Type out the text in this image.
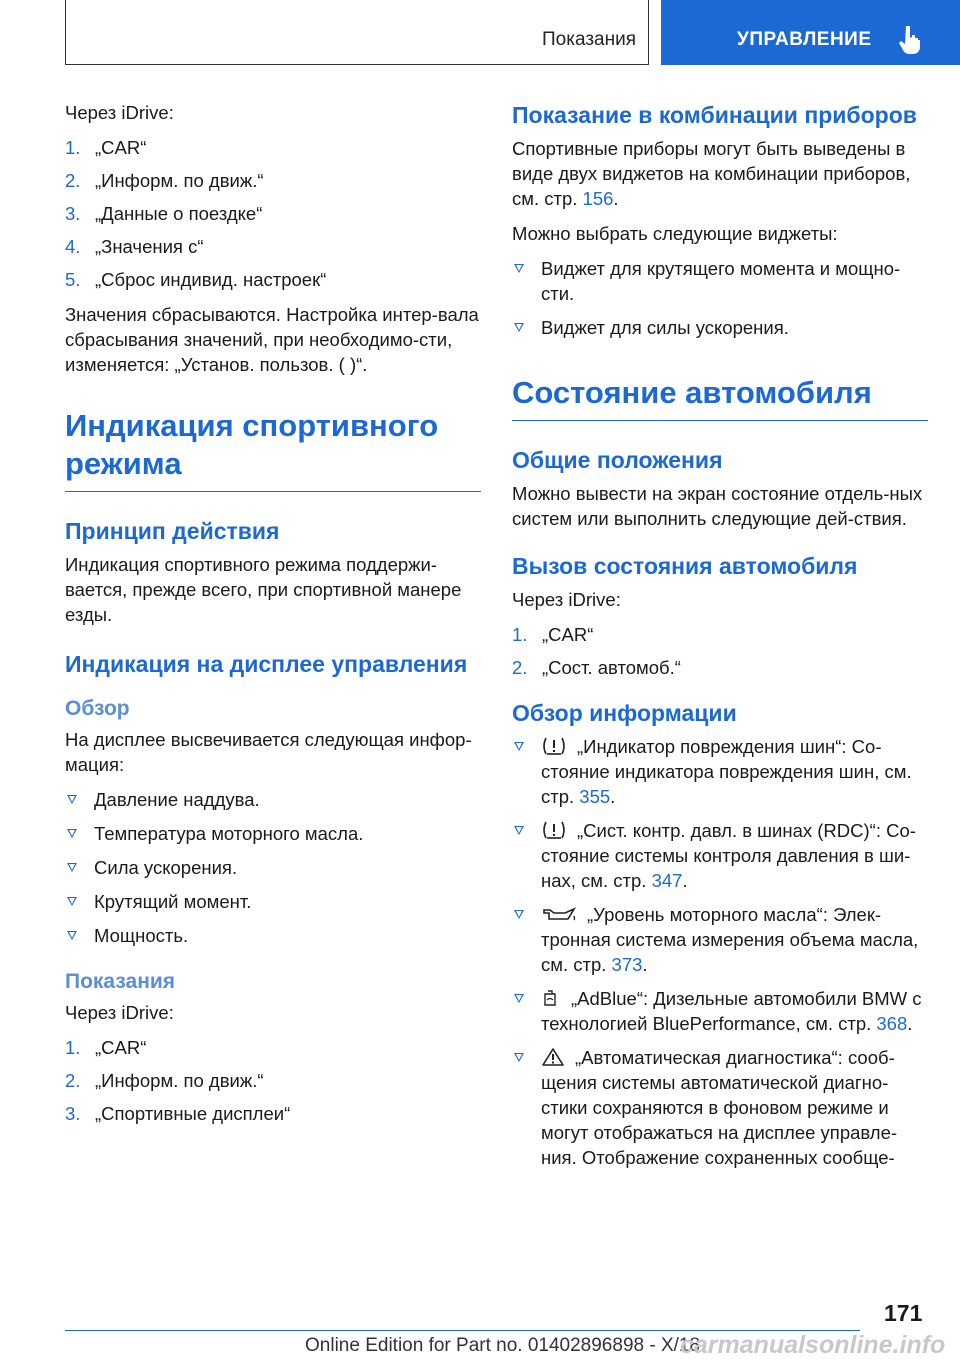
Показания	УПРАВЛЕНИЕ

Через iDrive:

1. „CAR“
2. „Информ. по движ.“
3. „Данные о поездке“
4. „Значения с“
5. „Сброс индивид. настроек“

Значения сбрасываются. Настройка интер-вала сбрасывания значений, при необходимо-сти, изменяется: „Установ. пользов. ( )“.

Индикация спортивного режима
Принцип действия

Индикация спортивного режима поддержи-вается, прежде всего, при спортивной манере езды.

Индикация на дисплее управления
Обзор

На дисплее высвечивается следующая инфор-мация:

Давление наддува.
Температура моторного масла.
Сила ускорения.
Крутящий момент.
Мощность.
Показания

Через iDrive:

1. „CAR“
2. „Информ. по движ.“
3. „Спортивные дисплеи“
Показание в комбинации приборов

Спортивные приборы могут быть выведены в виде двух виджетов на комбинации приборов, см. стр. 156.

Можно выбрать следующие виджеты:

Виджет для крутящего момента и мощно-сти.
Виджет для силы ускорения.
Состояние автомобиля
Общие положения

Можно вывести на экран состояние отдель-ных систем или выполнить следующие дей-ствия.

Вызов состояния автомобиля

Через iDrive:

1. „CAR“
2. „Сост. автомоб.“
Обзор информации
„Индикатор повреждения шин“: Со-стояние индикатора повреждения шин, см. стр. 355.
„Сист. контр. давл. в шинах (RDC)“: Со-стояние системы контроля давления в ши-нах, см. стр. 347.
„Уровень моторного масла“: Элек-тронная система измерения объема масла, см. стр. 373.
„AdBlue“: Дизельные автомобили BMW с технологией BluePerformance, см. стр. 368.
„Автоматическая диагностика“: сооб-щения системы автоматической диагно-стики сохраняются в фоновом режиме и могут отображаться на дисплее управле-ния. Отображение сохраненных сообще-
171
Online Edition for Part no. 01402896898 - X/18
carmanualsonline.info
